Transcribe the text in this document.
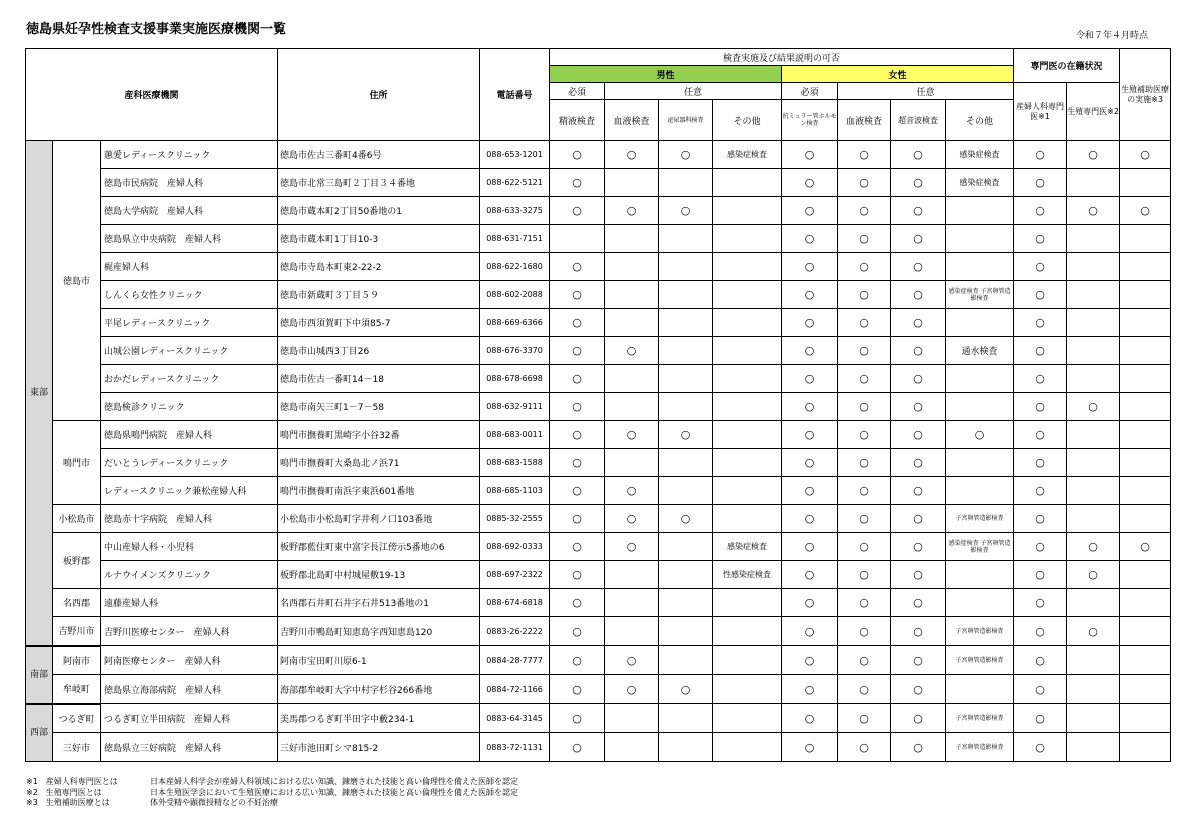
徳島県妊孕性検査支援事業実施医療機関一覧	令和７年４月時点
産科医療機関			住所	電話番号	検査実施及び結果説明の可否								専門医の在籍状況		生殖補助医療の実施※3
					男性				女性						
					必須	任意			必須	任意			産婦人科専門医※1	生殖専門医※2	
					精液検査	血液検査	泌尿器科検査	その他	抗ミュラー管ホルモン検査	血液検査	超音波検査	その他			
東部	徳島市	蕙愛レディースクリニック	徳島市佐古三番町4番6号	088-653-1201	○	○	○	感染症検査	○	○	○	感染症検査	○	○	○
		徳島市民病院　産婦人科	徳島市北常三島町２丁目３４番地	088-622-5121	○				○	○	○	感染症検査	○		
		徳島大学病院　産婦人科	徳島市蔵本町2丁目50番地の1	088-633-3275	○	○	○		○	○	○		○	○	○
		徳島県立中央病院　産婦人科	徳島市蔵本町1丁目10-3	088-631-7151					○	○	○		○		
		梶産婦人科	徳島市寺島本町東2-22-2	088-622-1680	○				○	○	○		○		
		しんくら女性クリニック	徳島市新蔵町３丁目５９	088-602-2088	○				○	○	○	感染症検査 子宮卵管造影検査	○		
		平尾レディースクリニック	徳島市西須賀町下中須85-7	088-669-6366	○				○	○	○		○		
		山城公園レディースクリニック	徳島市山城西3丁目26	088-676-3370	○	○			○	○	○	通水検査	○		
		おかだレディースクリニック	徳島市佐古一番町14－18	088-678-6698	○				○	○	○		○		
		徳島検診クリニック	徳島市南矢三町1－7－58	088-632-9111	○				○	○	○		○	○	
	鳴門市	徳島県鳴門病院　産婦人科	鳴門市撫養町黒崎字小谷32番	088-683-0011	○	○	○		○	○	○	○	○		
		だいとうレディースクリニック	鳴門市撫養町大桑島北ノ浜71	088-683-1588	○				○	○	○		○		
		レディースクリニック兼松産婦人科	鳴門市撫養町南浜字東浜601番地	088-685-1103	○	○			○	○	○		○		
	小松島市	徳島赤十字病院　産婦人科	小松島市小松島町字井利ノ口103番地	0885-32-2555	○	○	○		○	○	○	子宮卵管造影検査	○		
	板野郡	中山産婦人科・小児科	板野郡藍住町東中富字長江傍示5番地の6	088-692-0333	○	○		感染症検査	○	○	○	感染症検査 子宮卵管造影検査	○	○	○
		ルナウイメンズクリニック	板野郡北島町中村城屋敷19-13	088-697-2322	○			性感染症検査	○	○	○		○	○	
	名西郡	遠藤産婦人科	名西郡石井町石井字石井513番地の1	088-674-6818	○				○	○	○		○		
	吉野川市	吉野川医療センター　産婦人科	吉野川市鴨島町知恵島字西知恵島120	0883-26-2222	○				○	○	○	子宮卵管造影検査	○	○	
南部	阿南市	阿南医療センター　産婦人科	阿南市宝田町川原6-1	0884-28-7777	○	○			○	○	○	子宮卵管造影検査	○		
	牟岐町	徳島県立海部病院　産婦人科	海部郡牟岐町大字中村字杉谷266番地	0884-72-1166	○	○	○		○	○	○		○		
西部	つるぎ町	つるぎ町立半田病院　産婦人科	美馬郡つるぎ町半田字中藪234-1	0883-64-3145	○				○	○	○	子宮卵管造影検査	○		
	三好市	徳島県立三好病院　産婦人科	三好市池田町シマ815-2	0883-72-1131	○				○	○	○	子宮卵管造影検査	○		
※1　産婦人科専門医とは	日本産婦人科学会が産婦人科領域における広い知識、錬磨された技能と高い倫理性を備えた医師を認定
※2　生殖専門医とは	日本生殖医学会において生殖医療における広い知識、錬磨された技能と高い倫理性を備えた医師を認定
※3　生殖補助医療とは	体外受精や顕微授精などの不妊治療
